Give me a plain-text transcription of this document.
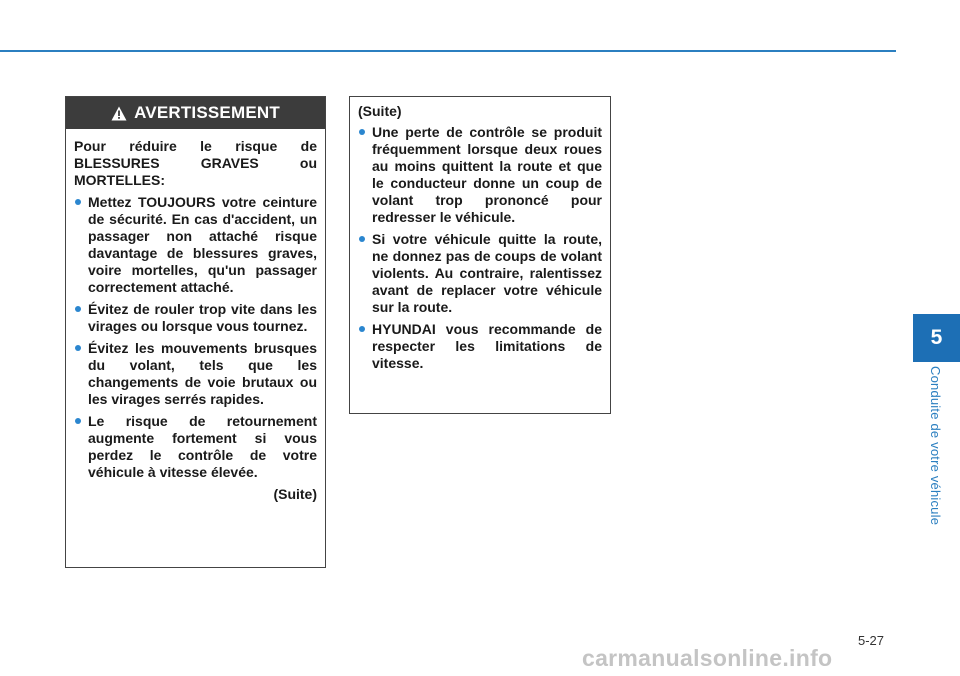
AVERTISSEMENT

Pour réduire le risque de BLESSURES GRAVES ou MORTELLES:

Mettez TOUJOURS votre ceinture de sécurité. En cas d'accident, un passager non attaché risque davantage de blessures graves, voire mortelles, qu'un passager correctement attaché.
Évitez de rouler trop vite dans les virages ou lorsque vous tournez.
Évitez les mouvements brusques du volant, tels que les changements de voie brutaux ou les virages serrés rapides.
Le risque de retournement augmente fortement si vous perdez le contrôle de votre véhicule à vitesse élevée.
(Suite)
(Suite)
Une perte de contrôle se produit fréquemment lorsque deux roues au moins quittent la route et que le conducteur donne un coup de volant trop prononcé pour redresser le véhicule.
Si votre véhicule quitte la route, ne donnez pas de coups de volant violents. Au contraire, ralentissez avant de replacer votre véhicule sur la route.
HYUNDAI vous recommande de respecter les limitations de vitesse.
5
Conduite de votre véhicule
5-27
carmanualsonline.info
